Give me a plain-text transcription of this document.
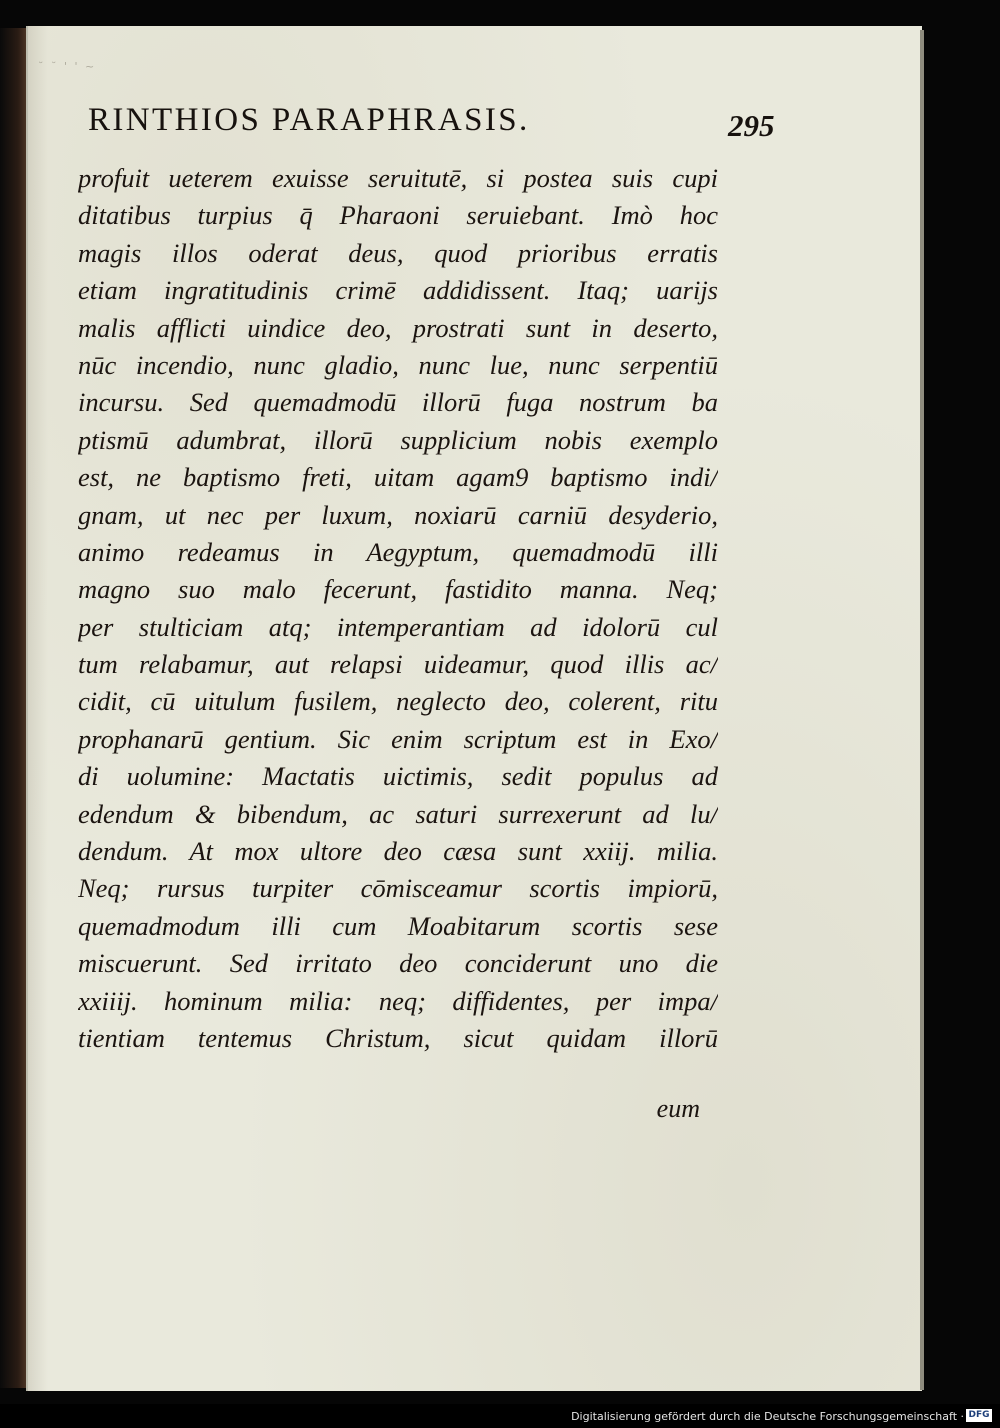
˘ ˘ ' ' ~
RINTHIOS PARAPHRASIS.	295
profuit ueterem exuisse seruitutē, si postea suis cupi
ditatibus turpius q̄ Pharaoni seruiebant. Imò hoc
magis illos oderat deus, quod prioribus erratis
etiam ingratitudinis crimē addidissent. Itaq; uariјs
malis afflicti uindice deo, prostrati sunt in deserto,
nūc incendio, nunc gladio, nunc lue, nunc serpentiū
incursu. Sed quemadmodū illorū fuga nostrum ba
ptismū adumbrat, illorū supplicium nobis exemplo
est, ne baptismo freti, uitam agam9 baptismo indi/
gnam, ut nec per luxum, noxiarū carniū desyderio,
animo redeamus in Aegyptum, quemadmodū illi
magno suo malo fecerunt, fastidito manna. Neq;
per stulticiam atq; intemperantiam ad idolorū cul
tum relabamur, aut relapsi uideamur, quod illis ac/
cidit, cū uitulum fusilem, neglecto deo, colerent, ritu
prophanarū gentium. Sic enim scriptum est in Exo/
di uolumine: Mactatis uictimis, sedit populus ad
edendum & bibendum, ac saturi surrexerunt ad lu/
dendum. At mox ultore deo cæsa sunt xxiij. milia.
Neq; rursus turpiter cōmisceamur scortis impiorū,
quemadmodum illi cum Moabitarum scortis sese
miscuerunt. Sed irritato deo conciderunt uno die
xxiiij. hominum milia: neq; diffidentes, per impa/
tientiam tentemus Christum, sicut quidam illorū
eum
Digitalisierung gefördert durch die Deutsche Forschungsgemeinschaft · DFG
